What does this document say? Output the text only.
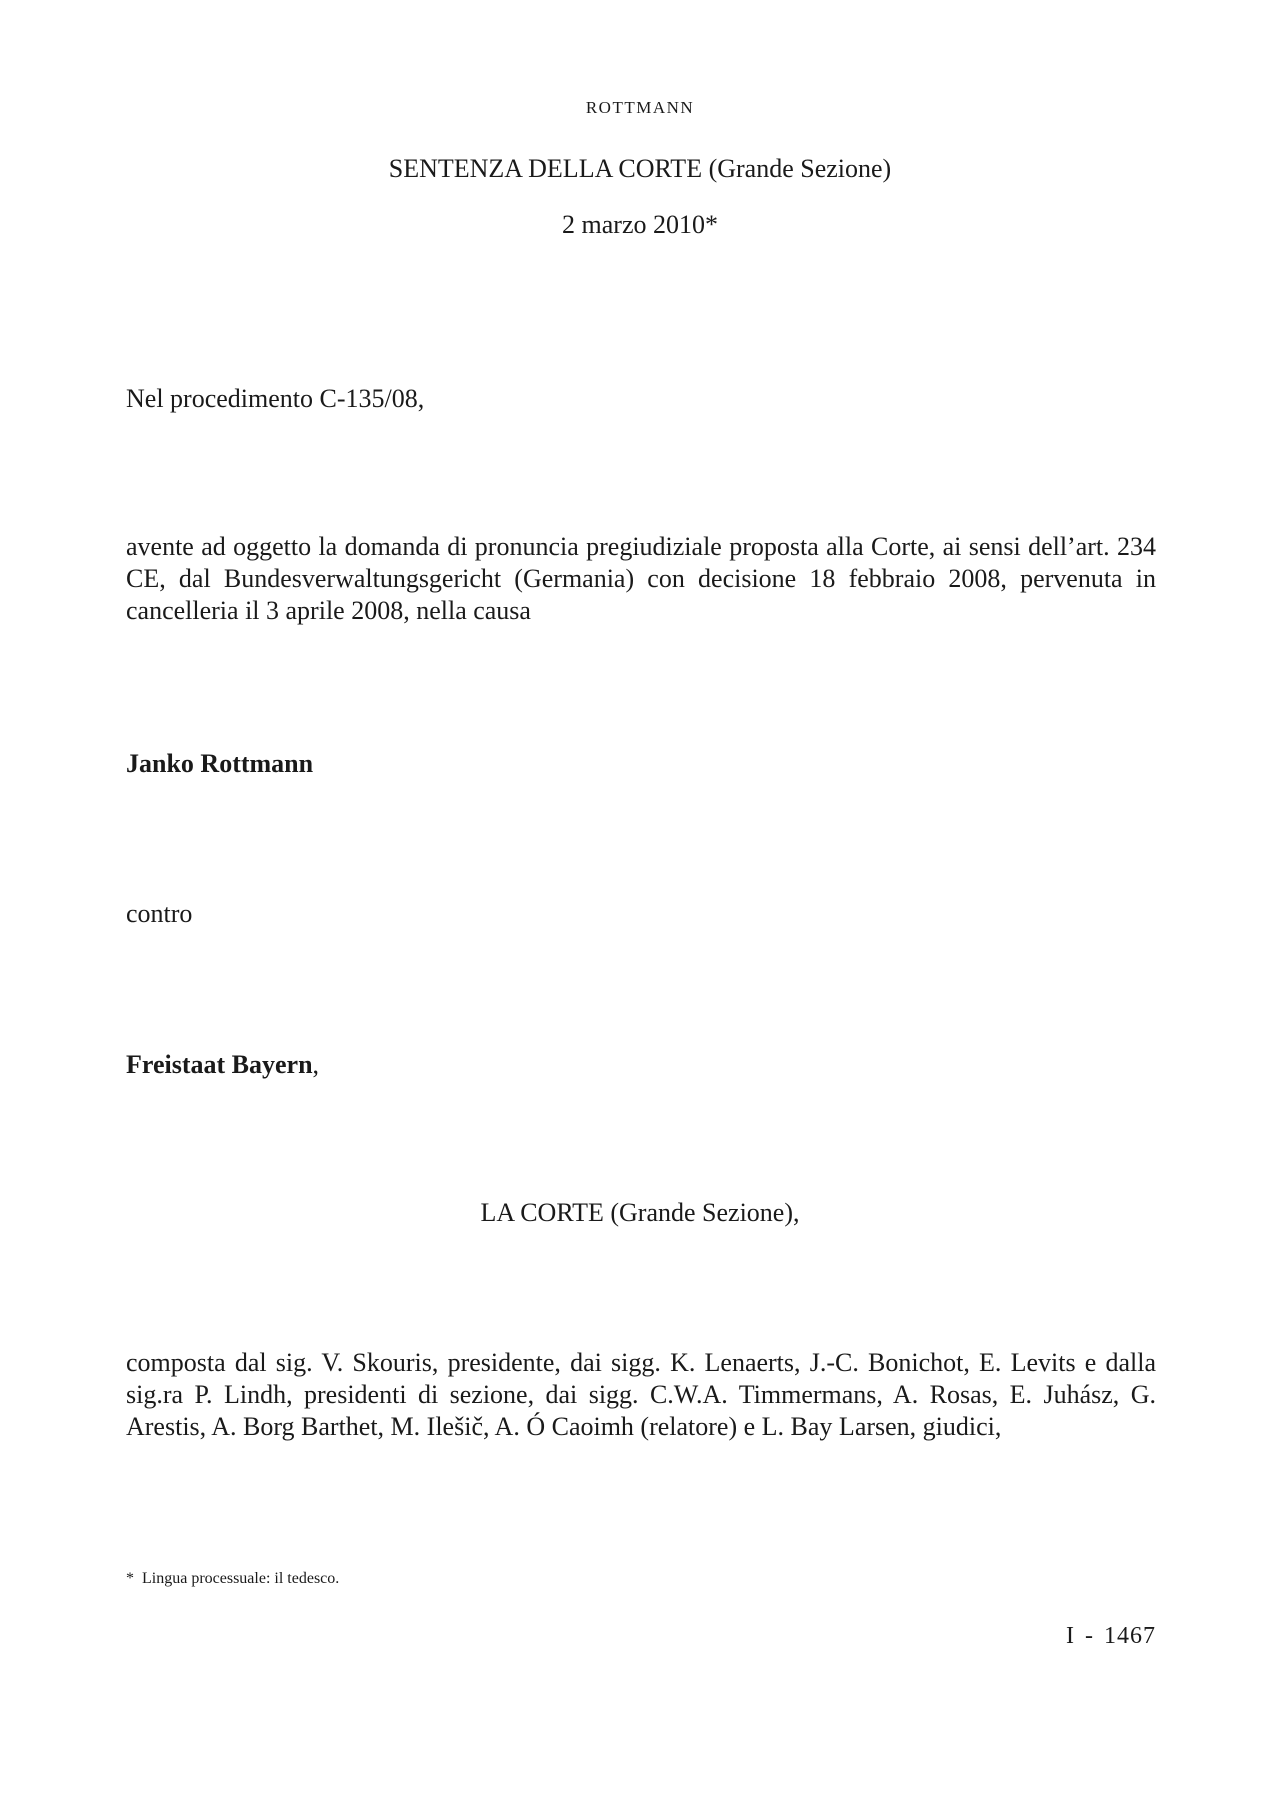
ROTTMANN
SENTENZA DELLA CORTE (Grande Sezione)
2 marzo 2010*
Nel procedimento C-135/08,
avente ad oggetto la domanda di pronuncia pregiudiziale proposta alla Corte, ai sensi dell’art. 234 CE, dal Bundesverwaltungsgericht (Germania) con decisione 18 febbraio 2008, pervenuta in cancelleria il 3 aprile 2008, nella causa
Janko Rottmann
contro
Freistaat Bayern,
LA CORTE (Grande Sezione),
composta dal sig. V. Skouris, presidente, dai sigg. K. Lenaerts, J.-C. Bonichot, E. Levits e dalla sig.ra P. Lindh, presidenti di sezione, dai sigg. C.W.A. Timmermans, A. Rosas, E. Juhász, G. Arestis, A. Borg Barthet, M. Ilešič, A. Ó Caoimh (relatore) e L. Bay Larsen, giudici,
* Lingua processuale: il tedesco.
I - 1467
